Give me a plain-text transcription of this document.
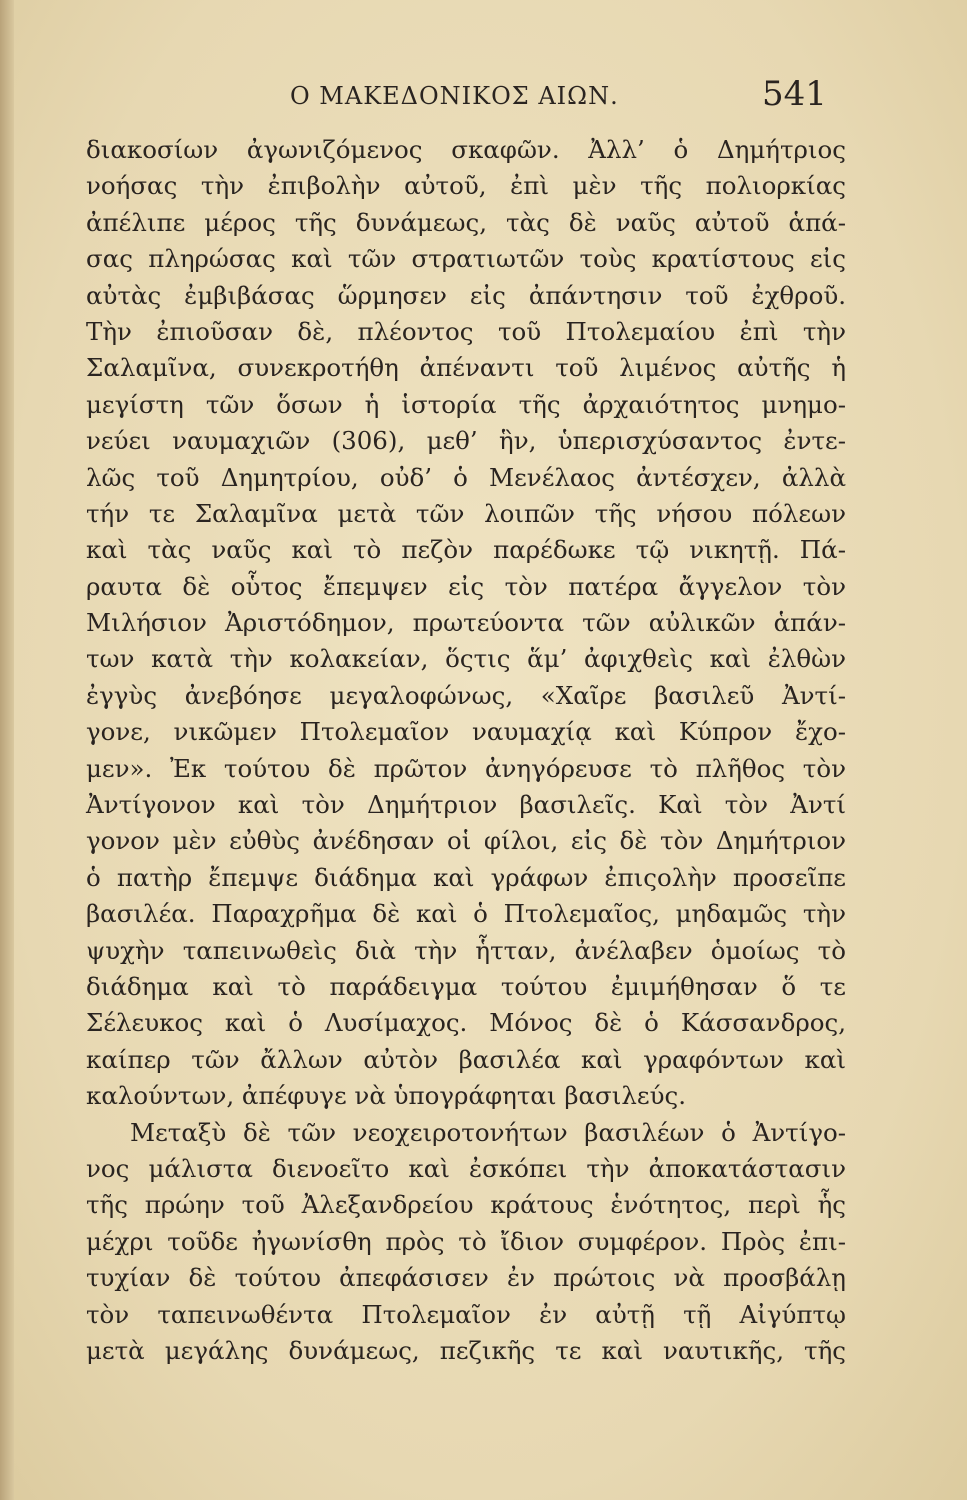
Ο ΜΑΚΕΔΟΝΙΚΟΣ ΑΙΩΝ.	541
διακοσίων ἀγωνιζόμενος σκαφῶν. Ἀλλ’ ὁ Δημήτριος
νοήσας τὴν ἐπιβολὴν αὐτοῦ, ἐπὶ μὲν τῆς πολιορκίας
ἀπέλιπε μέρος τῆς δυνάμεως, τὰς δὲ ναῦς αὐτοῦ ἁπά-
σας πληρώσας καὶ τῶν στρατιωτῶν τοὺς κρατίστους εἰς
αὐτὰς ἐμβιβάσας ὥρμησεν εἰς ἀπάντησιν τοῦ ἐχθροῦ.
Τὴν ἐπιοῦσαν δὲ, πλέοντος τοῦ Πτολεμαίου ἐπὶ τὴν
Σαλαμῖνα, συνεκροτήθη ἀπέναντι τοῦ λιμένος αὐτῆς ἡ
μεγίστη τῶν ὅσων ἡ ἱστορία τῆς ἀρχαιότητος μνημο-
νεύει ναυμαχιῶν (306), μεθ’ ἣν, ὑπερισχύσαντος ἐντε-
λῶς τοῦ Δημητρίου, οὐδ’ ὁ Μενέλαος ἀντέσχεν, ἀλλὰ
τήν τε Σαλαμῖνα μετὰ τῶν λοιπῶν τῆς νήσου πόλεων
καὶ τὰς ναῦς καὶ τὸ πεζὸν παρέδωκε τῷ νικητῇ. Πά-
ραυτα δὲ οὗτος ἔπεμψεν εἰς τὸν πατέρα ἄγγελον τὸν
Μιλήσιον Ἀριστόδημον, πρωτεύοντα τῶν αὐλικῶν ἁπάν-
των κατὰ τὴν κολακείαν, ὅςτις ἅμ’ ἀφιχθεὶς καὶ ἐλθὼν
ἐγγὺς ἀνεβόησε μεγαλοφώνως, «Χαῖρε βασιλεῦ Ἀντί-
γονε, νικῶμεν Πτολεμαῖον ναυμαχίᾳ καὶ Κύπρον ἔχο-
μεν». Ἐκ τούτου δὲ πρῶτον ἀνηγόρευσε τὸ πλῆθος τὸν
Ἀντίγονον καὶ τὸν Δημήτριον βασιλεῖς. Καὶ τὸν Ἀντί
γονον μὲν εὐθὺς ἀνέδησαν οἱ φίλοι, εἰς δὲ τὸν Δημήτριον
ὁ πατὴρ ἔπεμψε διάδημα καὶ γράφων ἐπιςολὴν προσεῖπε
βασιλέα. Παραχρῆμα δὲ καὶ ὁ Πτολεμαῖος, μηδαμῶς τὴν
ψυχὴν ταπεινωθεὶς διὰ τὴν ἧτταν, ἀνέλαβεν ὁμοίως τὸ
διάδημα καὶ τὸ παράδειγμα τούτου ἐμιμήθησαν ὅ τε
Σέλευκος καὶ ὁ Λυσίμαχος. Μόνος δὲ ὁ Κάσσανδρος,
καίπερ τῶν ἄλλων αὐτὸν βασιλέα καὶ γραφόντων καὶ
καλούντων, ἀπέφυγε νὰ ὑπογράφηται βασιλεύς.
Μεταξὺ δὲ τῶν νεοχειροτονήτων βασιλέων ὁ Ἀντίγο-
νος μάλιστα διενοεῖτο καὶ ἐσκόπει τὴν ἀποκατάστασιν
τῆς πρώην τοῦ Ἀλεξανδρείου κράτους ἑνότητος, περὶ ἧς
μέχρι τοῦδε ἠγωνίσθη πρὸς τὸ ἴδιον συμφέρον. Πρὸς ἐπι-
τυχίαν δὲ τούτου ἀπεφάσισεν ἐν πρώτοις νὰ προσβάλῃ
τὸν ταπεινωθέντα Πτολεμαῖον ἐν αὐτῇ τῇ Αἰγύπτῳ
μετὰ μεγάλης δυνάμεως, πεζικῆς τε καὶ ναυτικῆς, τῆς
